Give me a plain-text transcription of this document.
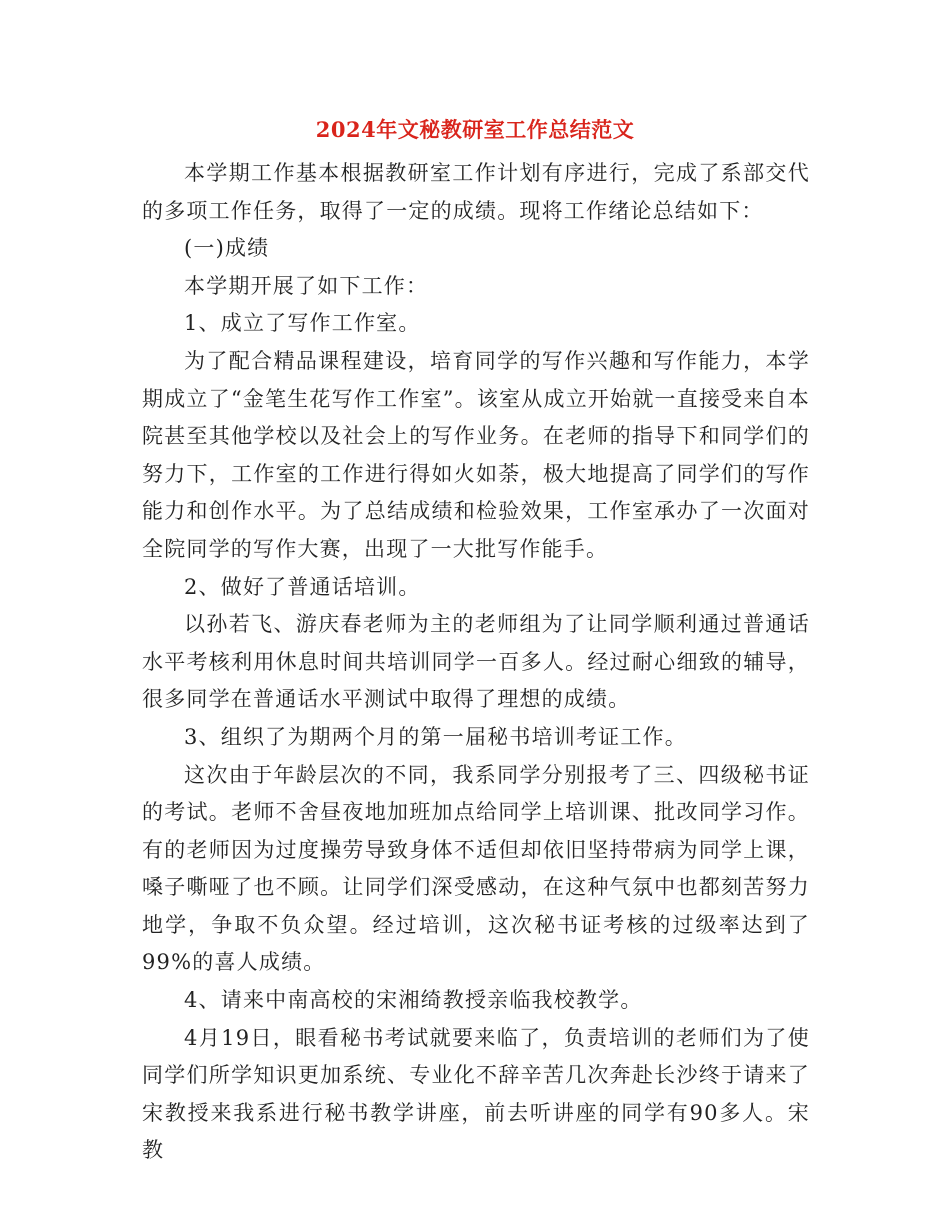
2024年文秘教研室工作总结范文

本学期工作基本根据教研室工作计划有序进行，完成了系部交代的多项工作任务，取得了一定的成绩。现将工作绪论总结如下：

(一)成绩

本学期开展了如下工作：

1、成立了写作工作室。

为了配合精品课程建设，培育同学的写作兴趣和写作能力，本学期成立了“金笔生花写作工作室”。该室从成立开始就一直接受来自本院甚至其他学校以及社会上的写作业务。在老师的指导下和同学们的努力下，工作室的工作进行得如火如荼，极大地提高了同学们的写作能力和创作水平。为了总结成绩和检验效果，工作室承办了一次面对全院同学的写作大赛，出现了一大批写作能手。

2、做好了普通话培训。

以孙若飞、游庆春老师为主的老师组为了让同学顺利通过普通话水平考核利用休息时间共培训同学一百多人。经过耐心细致的辅导，很多同学在普通话水平测试中取得了理想的成绩。

3、组织了为期两个月的第一届秘书培训考证工作。

这次由于年龄层次的不同，我系同学分别报考了三、四级秘书证的考试。老师不舍昼夜地加班加点给同学上培训课、批改同学习作。有的老师因为过度操劳导致身体不适但却依旧坚持带病为同学上课，嗓子嘶哑了也不顾。让同学们深受感动，在这种气氛中也都刻苦努力地学，争取不负众望。经过培训，这次秘书证考核的过级率达到了99%的喜人成绩。

4、请来中南高校的宋湘绮教授亲临我校教学。

4月19日，眼看秘书考试就要来临了，负责培训的老师们为了使同学们所学知识更加系统、专业化不辞辛苦几次奔赴长沙终于请来了宋教授来我系进行秘书教学讲座，前去听讲座的同学有90多人。宋教
